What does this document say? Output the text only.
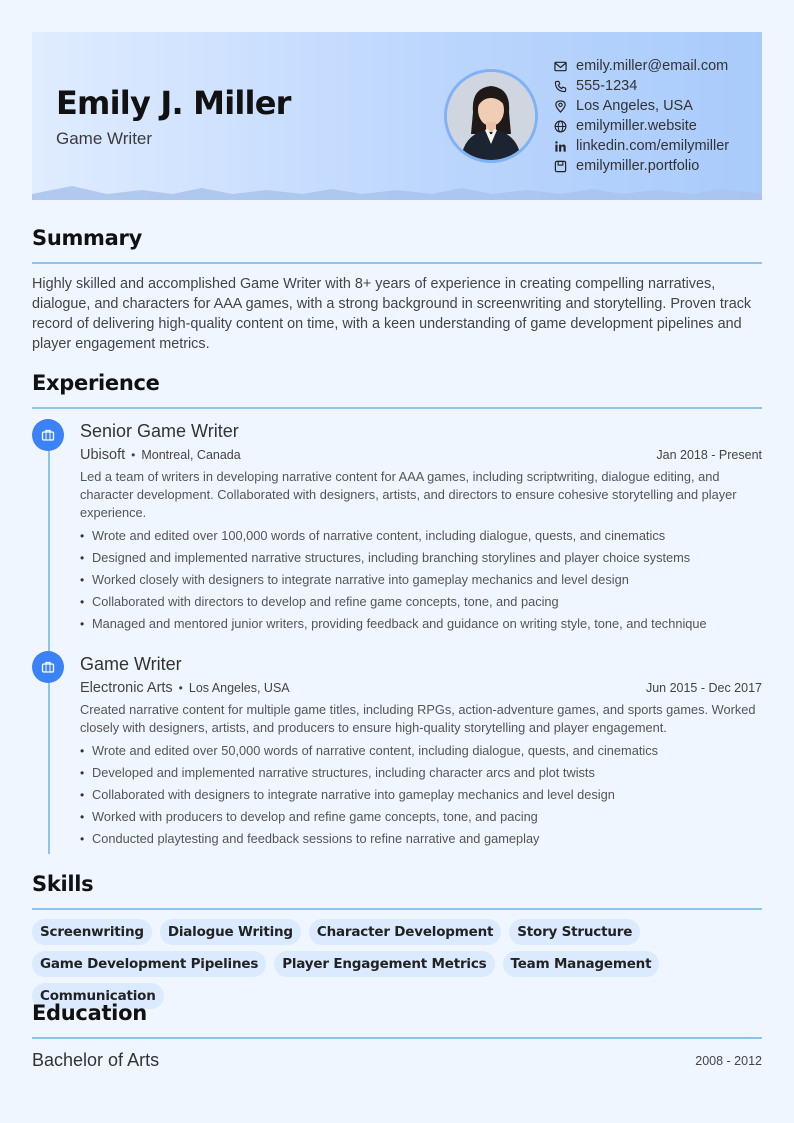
Emily J. Miller
Game Writer
emily.miller@email.com
555-1234
Los Angeles, USA
emilymiller.website
linkedin.com/emilymiller
emilymiller.portfolio
Summary

Highly skilled and accomplished Game Writer with 8+ years of experience in creating compelling narratives, dialogue, and characters for AAA games, with a strong background in screenwriting and storytelling. Proven track record of delivering high-quality content on time, with a keen understanding of game development pipelines and player engagement metrics.

Experience
Senior Game Writer
Ubisoft • Montreal, Canada	Jan 2018 - Present

Led a team of writers in developing narrative content for AAA games, including scriptwriting, dialogue editing, and character development. Collaborated with designers, artists, and directors to ensure cohesive storytelling and player experience.

• Wrote and edited over 100,000 words of narrative content, including dialogue, quests, and cinematics
• Designed and implemented narrative structures, including branching storylines and player choice systems
• Worked closely with designers to integrate narrative into gameplay mechanics and level design
• Collaborated with directors to develop and refine game concepts, tone, and pacing
• Managed and mentored junior writers, providing feedback and guidance on writing style, tone, and technique
Game Writer
Electronic Arts • Los Angeles, USA	Jun 2015 - Dec 2017

Created narrative content for multiple game titles, including RPGs, action-adventure games, and sports games. Worked closely with designers, artists, and producers to ensure high-quality storytelling and player engagement.

• Wrote and edited over 50,000 words of narrative content, including dialogue, quests, and cinematics
• Developed and implemented narrative structures, including character arcs and plot twists
• Collaborated with designers to integrate narrative into gameplay mechanics and level design
• Worked with producers to develop and refine game concepts, tone, and pacing
• Conducted playtesting and feedback sessions to refine narrative and gameplay
Skills
Screenwriting	Dialogue Writing	Character Development	Story Structure
Game Development Pipelines	Player Engagement Metrics	Team Management
Communication
Education
Bachelor of Arts	2008 - 2012
